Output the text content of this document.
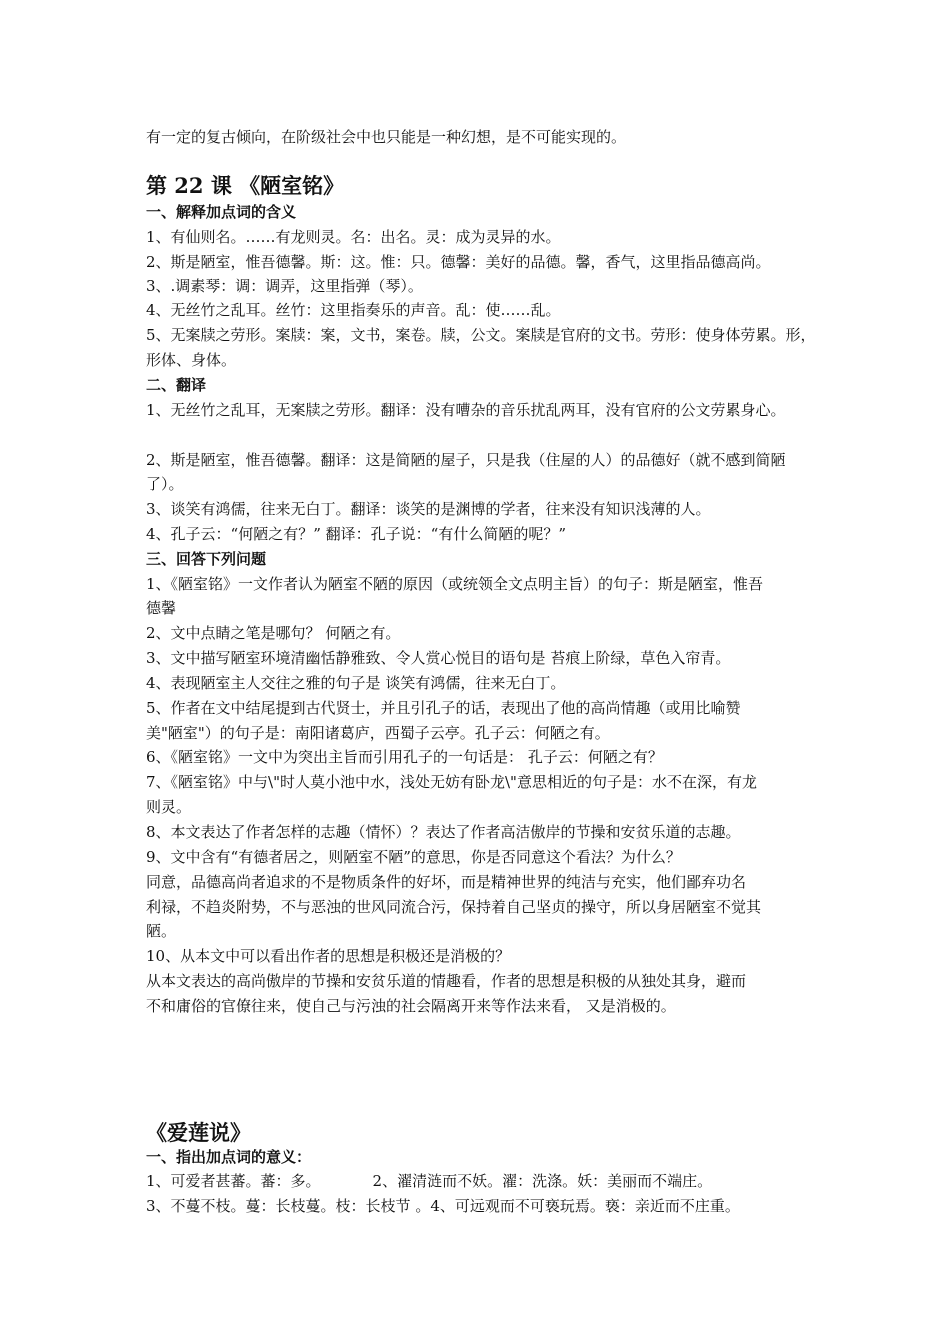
有一定的复古倾向，在阶级社会中也只能是一种幻想，是不可能实现的。
第 22 课 《陋室铭》
一、解释加点词的含义
1、有仙则名。……有龙则灵。名：出名。灵：成为灵异的水。
2、斯是陋室，惟吾德馨。斯：这。惟：只。德馨：美好的品德。馨，香气，这里指品德高尚。
3、.调素琴：调：调弄，这里指弹（琴）。
4、无丝竹之乱耳。丝竹：这里指奏乐的声音。乱：使……乱。
5、无案牍之劳形。案牍：案，文书，案卷。牍，公文。案牍是官府的文书。劳形：使身体劳累。形，
形体、身体。
二、翻译
1、无丝竹之乱耳，无案牍之劳形。翻译：没有嘈杂的音乐扰乱两耳，没有官府的公文劳累身心。
2、斯是陋室，惟吾德馨。翻译：这是简陋的屋子，只是我（住屋的人）的品德好（就不感到简陋
了）。
3、谈笑有鸿儒，往来无白丁。翻译：谈笑的是渊博的学者，往来没有知识浅薄的人。
4、孔子云：“何陋之有？” 翻译：孔子说：“有什么简陋的呢？”
三、回答下列问题
1、《陋室铭》一文作者认为陋室不陋的原因（或统领全文点明主旨）的句子：斯是陋室，惟吾
德馨
2、文中点睛之笔是哪句？ 何陋之有。
3、文中描写陋室环境清幽恬静雅致、令人赏心悦目的语句是 苔痕上阶绿，草色入帘青。
4、表现陋室主人交往之雅的句子是 谈笑有鸿儒，往来无白丁。
5、作者在文中结尾提到古代贤士，并且引孔子的话，表现出了他的高尚情趣（或用比喻赞
美"陋室"）的句子是：南阳诸葛庐，西蜀子云亭。孔子云：何陋之有。
6、《陋室铭》一文中为突出主旨而引用孔子的一句话是： 孔子云：何陋之有？
7、《陋室铭》中与\"时人莫小池中水，浅处无妨有卧龙\"意思相近的句子是：水不在深，有龙
则灵。
8、本文表达了作者怎样的志趣（情怀）？表达了作者高洁傲岸的节操和安贫乐道的志趣。
9、文中含有“有德者居之，则陋室不陋”的意思，你是否同意这个看法？为什么？
同意，品德高尚者追求的不是物质条件的好坏，而是精神世界的纯洁与充实，他们鄙弃功名
利禄，不趋炎附势，不与恶浊的世风同流合污，保持着自己坚贞的操守，所以身居陋室不觉其
陋。
10、从本文中可以看出作者的思想是积极还是消极的？
从本文表达的高尚傲岸的节操和安贫乐道的情趣看，作者的思想是积极的从独处其身，避而
不和庸俗的官僚往来，使自己与污浊的社会隔离开来等作法来看， 又是消极的。
《爱莲说》
一、指出加点词的意义：
1、可爱者甚蕃。蕃：多。	2、濯清涟而不妖。濯：洗涤。妖：美丽而不端庄。
3、不蔓不枝。蔓：长枝蔓。枝：长枝节 。4、可远观而不可亵玩焉。亵：亲近而不庄重。
